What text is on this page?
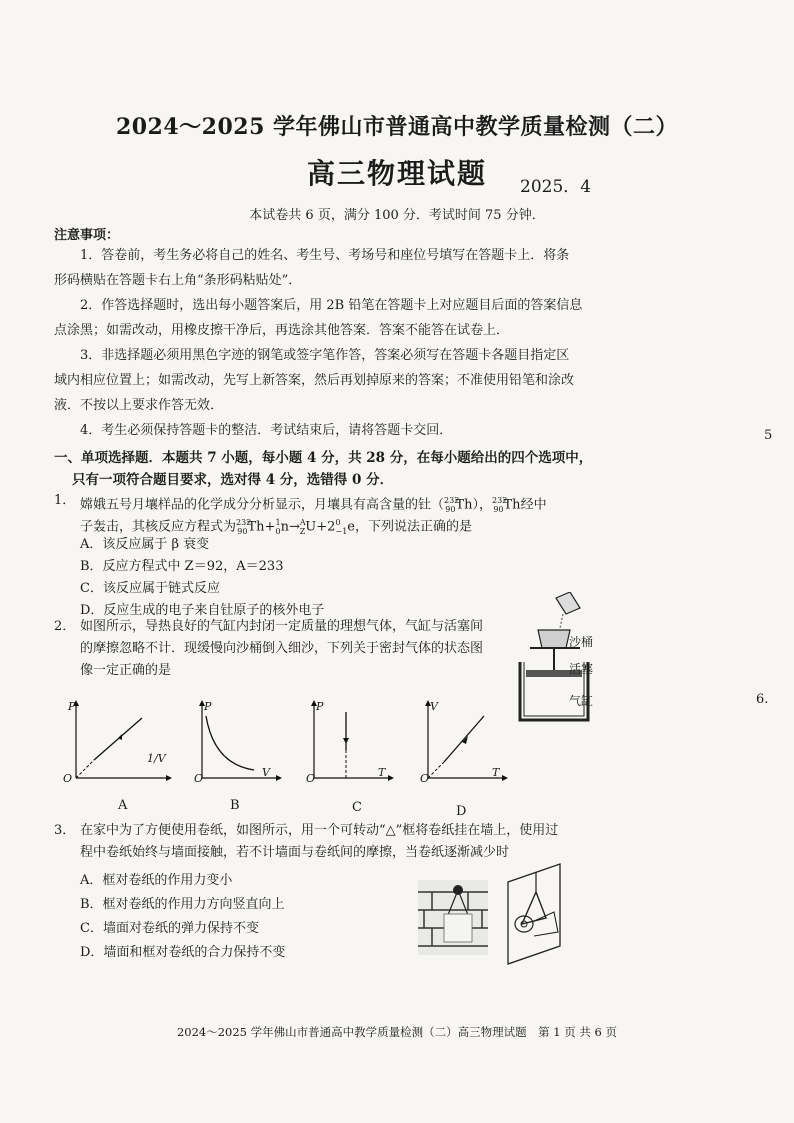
2024～2025 学年佛山市普通高中教学质量检测（二）
高三物理试题	2025．4
本试卷共 6 页，满分 100 分．考试时间 75 分钟．
注意事项：
1．答卷前，考生务必将自己的姓名、考生号、考场号和座位号填写在答题卡上．将条
形码横贴在答题卡右上角“条形码粘贴处”．
2．作答选择题时，选出每小题答案后，用 2B 铅笔在答题卡上对应题目后面的答案信息
点涂黑；如需改动，用橡皮擦干净后，再选涂其他答案．答案不能答在试卷上．
3．非选择题必须用黑色字迹的钢笔或签字笔作答，答案必须写在答题卡各题目指定区
域内相应位置上；如需改动，先写上新答案，然后再划掉原来的答案；不准使用铅笔和涂改
液．不按以上要求作答无效．
4．考生必须保持答题卡的整洁．考试结束后，请将答题卡交回．
一、单项选择题．本题共 7 小题，每小题 4 分，共 28 分，在每小题给出的四个选项中，
只有一项符合题目要求，选对得 4 分，选错得 0 分．
1． 嫦娥五号月壤样品的化学成分分析显示，月壤具有高含量的钍（$^{232}_{90}$Th），$^{232}_{90}$Th经中
子轰击，其核反应方程式为$^{232}_{90}Th+^1_0n\to^A_ZU+2^0_{-1}e$，下列说法正确的是
A．该反应属于 β 衰变
B．反应方程式中 Z＝92，A＝233
C．该反应属于链式反应
D．反应生成的电子来自钍原子的核外电子
2． 如图所示，导热良好的气缸内封闭一定质量的理想气体，气缸与活塞间
的摩擦忽略不计．现缓慢向沙桶倒入细沙，下列关于密封气体的状态图
像一定正确的是
沙桶
活塞
气缸
P
O
1/V
A
P
O	V
B
P
O	T
C
V
O	T
D
3． 在家中为了方便使用卷纸，如图所示，用一个可转动“△”框将卷纸挂在墙上，使用过
程中卷纸始终与墙面接触，若不计墙面与卷纸间的摩擦，当卷纸逐渐减少时
A．框对卷纸的作用力变小
B．框对卷纸的作用力方向竖直向上
C．墙面对卷纸的弹力保持不变
D．墙面和框对卷纸的合力保持不变
5
6.
2024～2025 学年佛山市普通高中教学质量检测（二）高三物理试题　第 1 页 共 6 页
